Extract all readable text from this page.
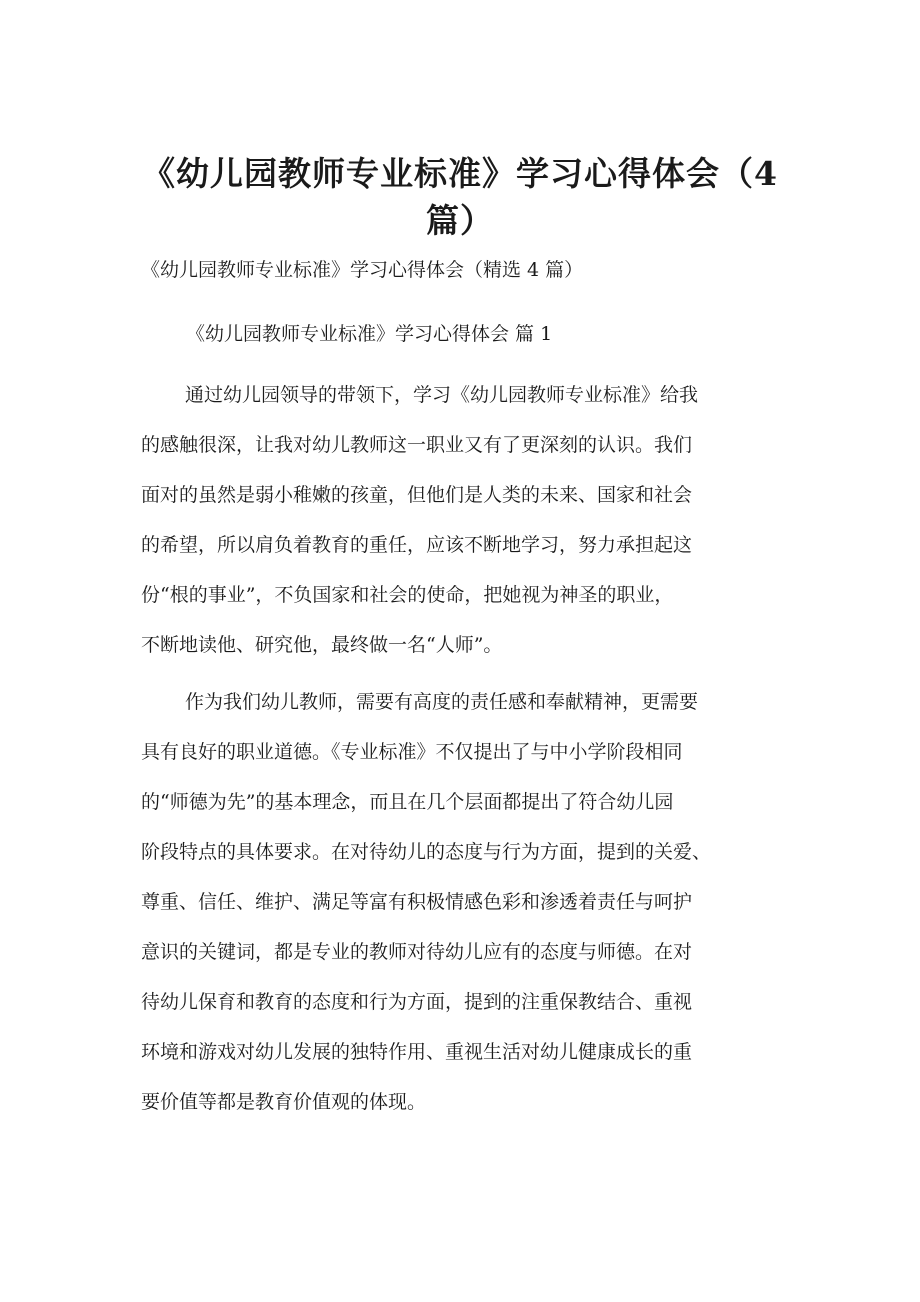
《幼儿园教师专业标准》学习心得体会（4
篇）

《幼儿园教师专业标准》学习心得体会（精选 4 篇）

《幼儿园教师专业标准》学习心得体会 篇 1

通过幼儿园领导的带领下，学习《幼儿园教师专业标准》给我
的感触很深，让我对幼儿教师这一职业又有了更深刻的认识。我们
面对的虽然是弱小稚嫩的孩童，但他们是人类的未来、国家和社会
的希望，所以肩负着教育的重任，应该不断地学习，努力承担起这
份“根的事业”，不负国家和社会的使命，把她视为神圣的职业，
不断地读他、研究他，最终做一名“人师”。
作为我们幼儿教师，需要有高度的责任感和奉献精神，更需要
具有良好的职业道德。《专业标准》不仅提出了与中小学阶段相同
的“师德为先”的基本理念，而且在几个层面都提出了符合幼儿园
阶段特点的具体要求。在对待幼儿的态度与行为方面，提到的关爱、
尊重、信任、维护、满足等富有积极情感色彩和渗透着责任与呵护
意识的关键词，都是专业的教师对待幼儿应有的态度与师德。在对
待幼儿保育和教育的态度和行为方面，提到的注重保教结合、重视
环境和游戏对幼儿发展的独特作用、重视生活对幼儿健康成长的重
要价值等都是教育价值观的体现。
